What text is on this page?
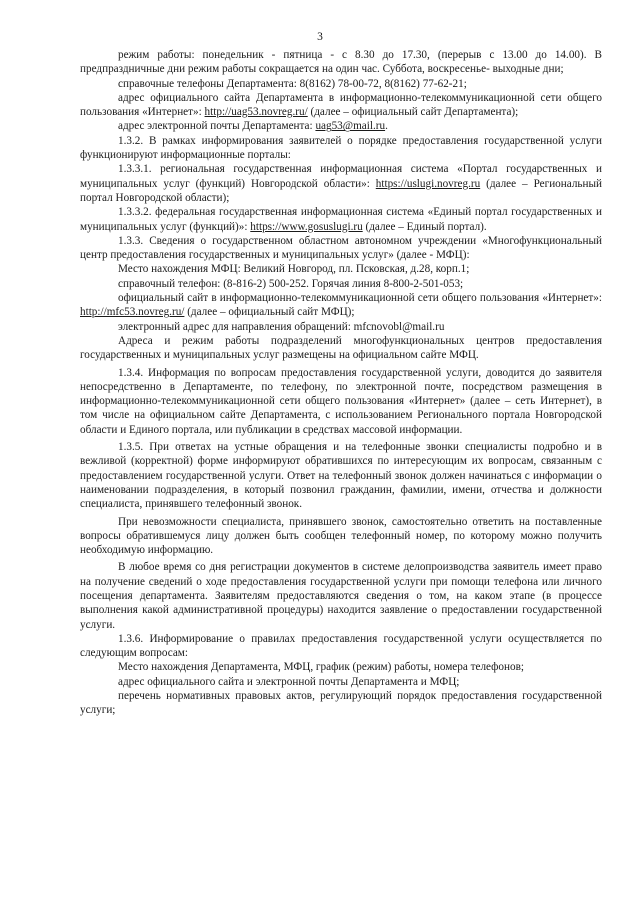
3

режим работы: понедельник - пятница - с 8.30 до 17.30, (перерыв с 13.00 до 14.00). В предпраздничные дни режим работы сокращается на один час. Суббота, воскресенье- выходные дни;

справочные телефоны Департамента: 8(8162) 78-00-72, 8(8162) 77-62-21;

адрес официального сайта Департамента в информационно-телекоммуникационной сети общего пользования «Интернет»: http://uag53.novreg.ru/ (далее – официальный сайт Департамента);

адрес электронной почты Департамента: uag53@mail.ru.

1.3.2. В рамках информирования заявителей о порядке предоставления государственной услуги функционируют информационные порталы:

1.3.3.1. региональная государственная информационная система «Портал государственных и муниципальных услуг (функций) Новгородской области»: https://uslugi.novreg.ru (далее – Региональный портал Новгородской области);

1.3.3.2. федеральная государственная информационная система «Единый портал государственных и муниципальных услуг (функций)»: https://www.gosuslugi.ru (далее – Единый портал).

1.3.3. Сведения о государственном областном автономном учреждении «Многофункциональный центр предоставления государственных и муниципальных услуг» (далее - МФЦ):

Место нахождения МФЦ: Великий Новгород, пл. Псковская, д.28, корп.1;

справочный телефон: (8-816-2) 500-252. Горячая линия 8-800-2-501-053;

официальный сайт в информационно-телекоммуникационной сети общего пользования «Интернет»: http://mfc53.novreg.ru/ (далее – официальный сайт МФЦ);

электронный адрес для направления обращений: mfcnovobl@mail.ru

Адреса и режим работы подразделений многофункциональных центров предоставления государственных и муниципальных услуг размещены на официальном сайте МФЦ.

1.3.4. Информация по вопросам предоставления государственной услуги, доводится до заявителя непосредственно в Департаменте, по телефону, по электронной почте, посредством размещения в информационно-телекоммуникационной сети общего пользования «Интернет» (далее – сеть Интернет), в том числе на официальном сайте Департамента, с использованием Регионального портала Новгородской области и Единого портала, или публикации в средствах массовой информации.

1.3.5. При ответах на устные обращения и на телефонные звонки специалисты подробно и в вежливой (корректной) форме информируют обратившихся по интересующим их вопросам, связанным с предоставлением государственной услуги. Ответ на телефонный звонок должен начинаться с информации о наименовании подразделения, в который позвонил гражданин, фамилии, имени, отчества и должности специалиста, принявшего телефонный звонок.

При невозможности специалиста, принявшего звонок, самостоятельно ответить на поставленные вопросы обратившемуся лицу должен быть сообщен телефонный номер, по которому можно получить необходимую информацию.

В любое время со дня регистрации документов в системе делопроизводства заявитель имеет право на получение сведений о ходе предоставления государственной услуги при помощи телефона или личного посещения департамента. Заявителям предоставляются сведения о том, на каком этапе (в процессе выполнения какой административной процедуры) находится заявление о предоставлении государственной услуги.

1.3.6. Информирование о правилах предоставления государственной услуги осуществляется по следующим вопросам:

Место нахождения Департамента, МФЦ, график (режим) работы, номера телефонов;

адрес официального сайта и электронной почты Департамента и МФЦ;

перечень нормативных правовых актов, регулирующий порядок предоставления государственной услуги;
